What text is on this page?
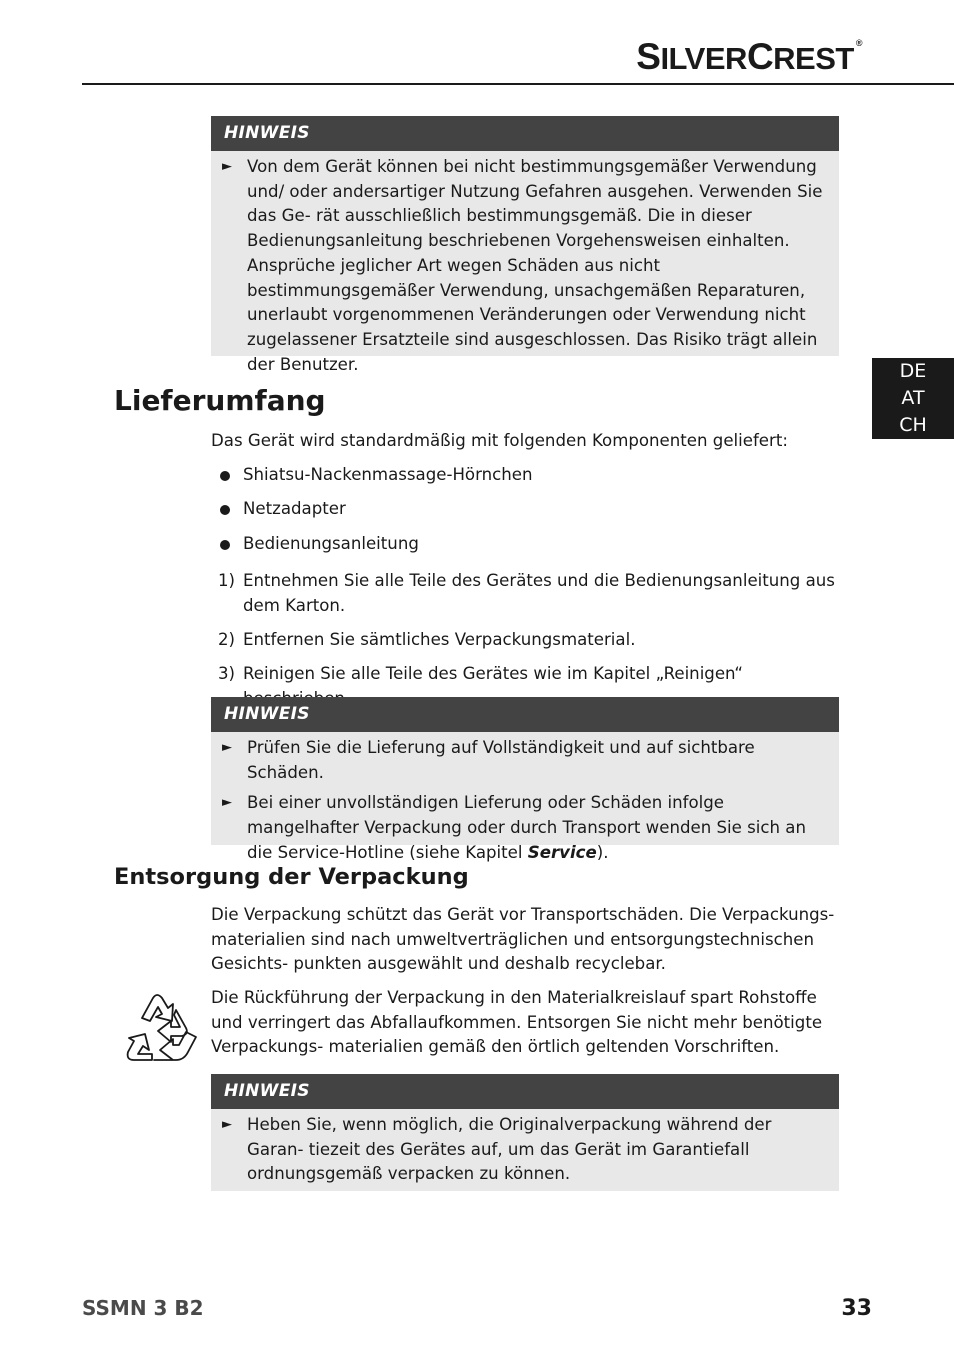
SILVERCREST ®
DE
AT
CH
HINWEIS
► Von dem Gerät können bei nicht bestimmungsgemäßer Verwendung und/ oder andersartiger Nutzung Gefahren ausgehen. Verwenden Sie das Ge- rät ausschließlich bestimmungsgemäß. Die in dieser Bedienungsanleitung beschriebenen Vorgehensweisen einhalten. Ansprüche jeglicher Art wegen Schäden aus nicht bestimmungsgemäßer Verwendung, unsachgemäßen Reparaturen, unerlaubt vorgenommenen Veränderungen oder Verwendung nicht zugelassener Ersatzteile sind ausgeschlossen. Das Risiko trägt allein der Benutzer.
Lieferumfang

Das Gerät wird standardmäßig mit folgenden Komponenten geliefert:

Shiatsu-Nackenmassage-Hörnchen
Netzadapter
Bedienungsanleitung
1) Entnehmen Sie alle Teile des Gerätes und die Bedienungsanleitung aus dem Karton.
2) Entfernen Sie sämtliches Verpackungsmaterial.
3) Reinigen Sie alle Teile des Gerätes wie im Kapitel „Reinigen“
HINWEIS
► Prüfen Sie die Lieferung auf Vollständigkeit und auf sichtbare Schäden.
► Bei einer unvollständigen Lieferung oder Schäden infolge mangelhafter Verpackung oder durch Transport wenden Sie sich an die Service-Hotline (siehe Kapitel Service).
Entsorgung der Verpackung

Die Verpackung schützt das Gerät vor Transportschäden. Die Verpackungs- materialien sind nach umweltverträglichen und entsorgungstechnischen Gesichts- punkten ausgewählt und deshalb recyclebar.

Die Rückführung der Verpackung in den Materialkreislauf spart Rohstoffe und verringert das Abfallaufkommen. Entsorgen Sie nicht mehr benötigte Verpackungs- materialien gemäß den örtlich geltenden Vorschriften.

HINWEIS
► Heben Sie, wenn möglich, die Originalverpackung während der Garan- tiezeit des Gerätes auf, um das Gerät im Garantiefall ordnungsgemäß verpacken zu können.
SSMN 3 B2	33
